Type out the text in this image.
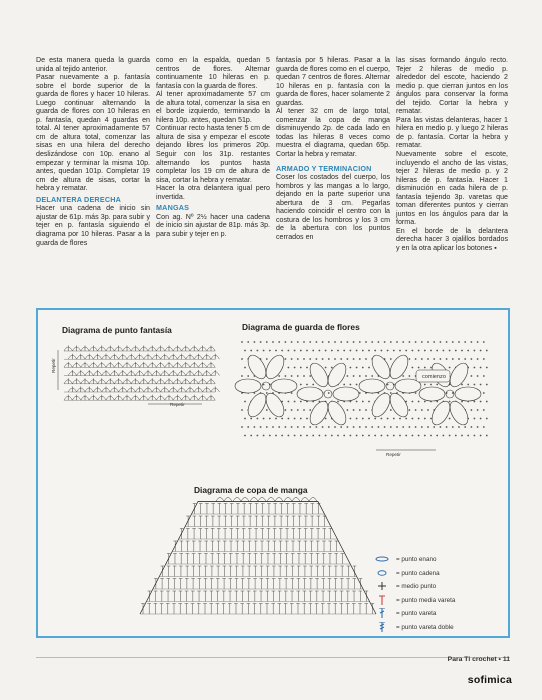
De esta manera queda la guarda unida al tejido anterior.

Pasar nuevamente a p. fantasía sobre el borde superior de la guarda de flores y hacer 10 hileras. Luego continuar alternando la guarda de flores con 10 hileras en p. fantasía, quedan 4 guardas en total. Al tener aproximadamente 57 cm de altura total, comenzar las sisas en una hilera del derecho deslizándose con 10p. enano al empezar y terminar la misma 10p. antes, quedan 101p. Completar 19 cm de altura de sisas, cortar la hebra y rematar.

DELANTERA DERECHA

Hacer una cadena de inicio sin ajustar de 61p. más 3p. para subir y tejer en p. fantasía siguiendo el diagrama por 10 hileras. Pasar a la guarda de flores

como en la espalda, quedan 5 centros de flores. Alternar continuamente 10 hileras en p. fantasía con la guarda de flores.

Al tener aproximadamente 57 cm de altura total, comenzar la sisa en el borde izquierdo, terminando la hilera 10p. antes, quedan 51p.

Continuar recto hasta tener 5 cm de altura de sisa y empezar el escote dejando libres los primeros 20p. Seguir con los 31p. restantes alternando los puntos hasta completar los 19 cm de altura de sisa, cortar la hebra y rematar.

Hacer la otra delantera igual pero invertida.

MANGAS

Con ag. Nº 2½ hacer una cadena de inicio sin ajustar de 81p. más 3p. para subir y tejer en p.

fantasía por 5 hileras. Pasar a la guarda de flores como en el cuerpo, quedan 7 centros de flores. Alternar 10 hileras en p. fantasía con la guarda de flores, hacer solamente 2 guardas.

Al tener 32 cm de largo total, comenzar la copa de manga disminuyendo 2p. de cada lado en todas las hileras 8 veces como muestra el diagrama, quedan 65p. Cortar la hebra y rematar.

ARMADO Y TERMINACION

Coser los costados del cuerpo, los hombros y las mangas a lo largo, dejando en la parte superior una abertura de 3 cm. Pegarlas haciendo coincidir el centro con la costura de los hombros y los 3 cm de la abertura con los puntos cerrados en

las sisas formando ángulo recto. Tejer 2 hileras de medio p. alrededor del escote, haciendo 2 medio p. que cierran juntos en los ángulos para conservar la forma del tejido. Cortar la hebra y rematar.

Para las vistas delanteras, hacer 1 hilera en medio p. y luego 2 hileras de p. fantasía. Cortar la hebra y rematar.

Nuevamente sobre el escote, incluyendo el ancho de las vistas, tejer 2 hileras de medio p. y 2 hileras de p. fantasía. Hacer 1 disminución en cada hilera de p. fantasía tejiendo 3p. varetas que toman diferentes puntos y cierran juntos en los ángulos para dar la forma.

En el borde de la delantera derecha hacer 3 ojalillos bordados y en la otra aplicar los botones ▪

Diagrama de punto fantasía
Repetir
Repetir
Diagrama de guarda de flores
comienzo
Repetir
Diagrama de copa de manga
= punto enano
= punto cadena
= medio punto
= punto media vareta
= punto vareta
= punto vareta doble
Para Ti crochet • 11
sofimica
